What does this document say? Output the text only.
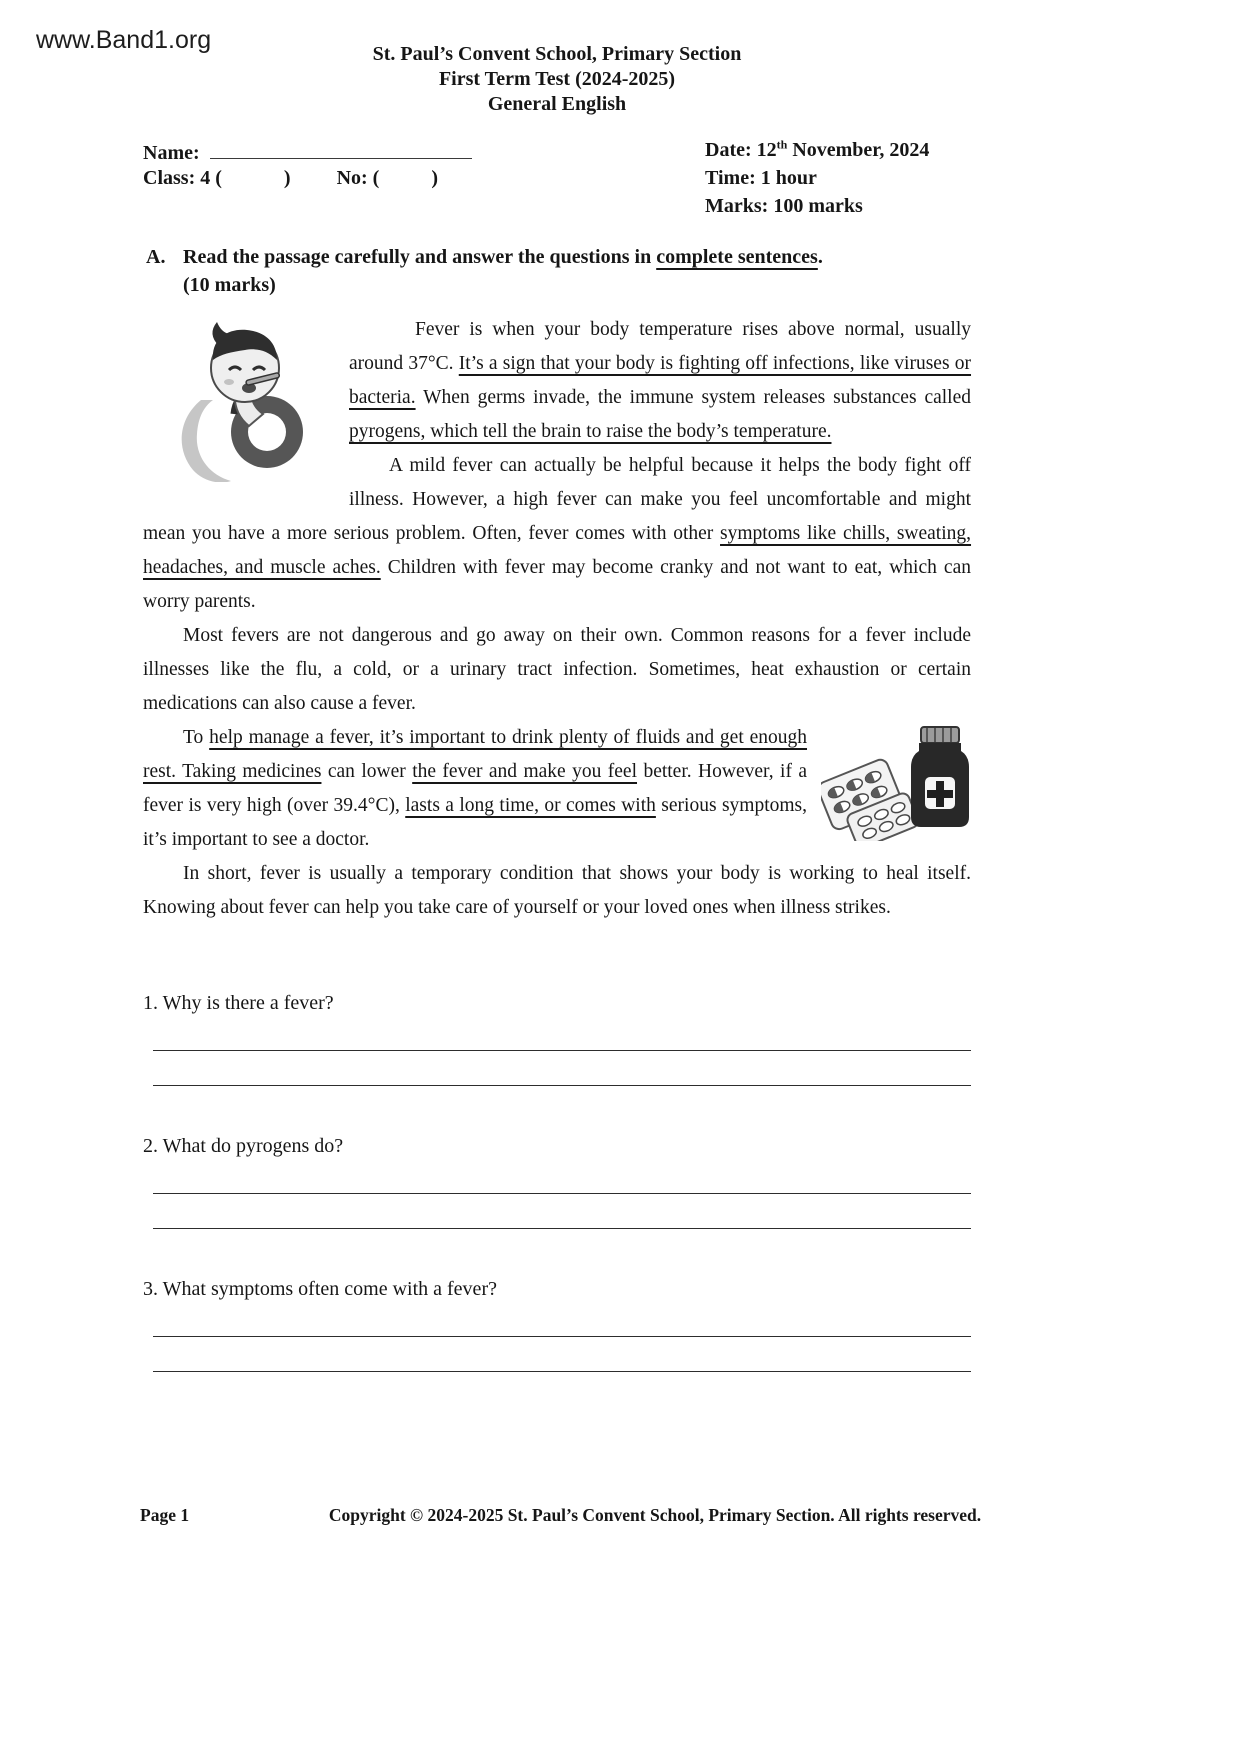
www.Band1.org	St. Paul’s Convent School, Primary Section
First Term Test (2024-2025)
General English
Name:
Class: 4 (	) No: (	)
Date: 12th November, 2024
Time: 1 hour
Marks: 100 marks
A. Read the passage carefully and answer the questions in complete sentences.
(10 marks)

Fever is when your body temperature rises above normal, usually around 37°C. It’s a sign that your body is fighting off infections, like viruses or bacteria. When germs invade, the immune system releases substances called pyrogens, which tell the brain to raise the body’s temperature.

A mild fever can actually be helpful because it helps the body fight off illness. However, a high fever can make you feel uncomfortable and might mean you have a more serious problem. Often, fever comes with other symptoms like chills, sweating, headaches, and muscle aches. Children with fever may become cranky and not want to eat, which can worry parents.

Most fevers are not dangerous and go away on their own. Common reasons for a fever include illnesses like the flu, a cold, or a urinary tract infection. Sometimes, heat exhaustion or certain medications can also cause a fever.

To help manage a fever, it’s important to drink plenty of fluids and get enough rest. Taking medicines can lower the fever and make you feel better. However, if a fever is very high (over 39.4°C), lasts a long time, or comes with serious symptoms, it’s important to see a doctor.

In short, fever is usually a temporary condition that shows your body is working to heal itself. Knowing about fever can help you take care of yourself or your loved ones when illness strikes.

1. Why is there a fever?
2. What do pyrogens do?
3. What symptoms often come with a fever?
Page 1	Copyright © 2024-2025 St. Paul’s Convent School, Primary Section. All rights reserved.
